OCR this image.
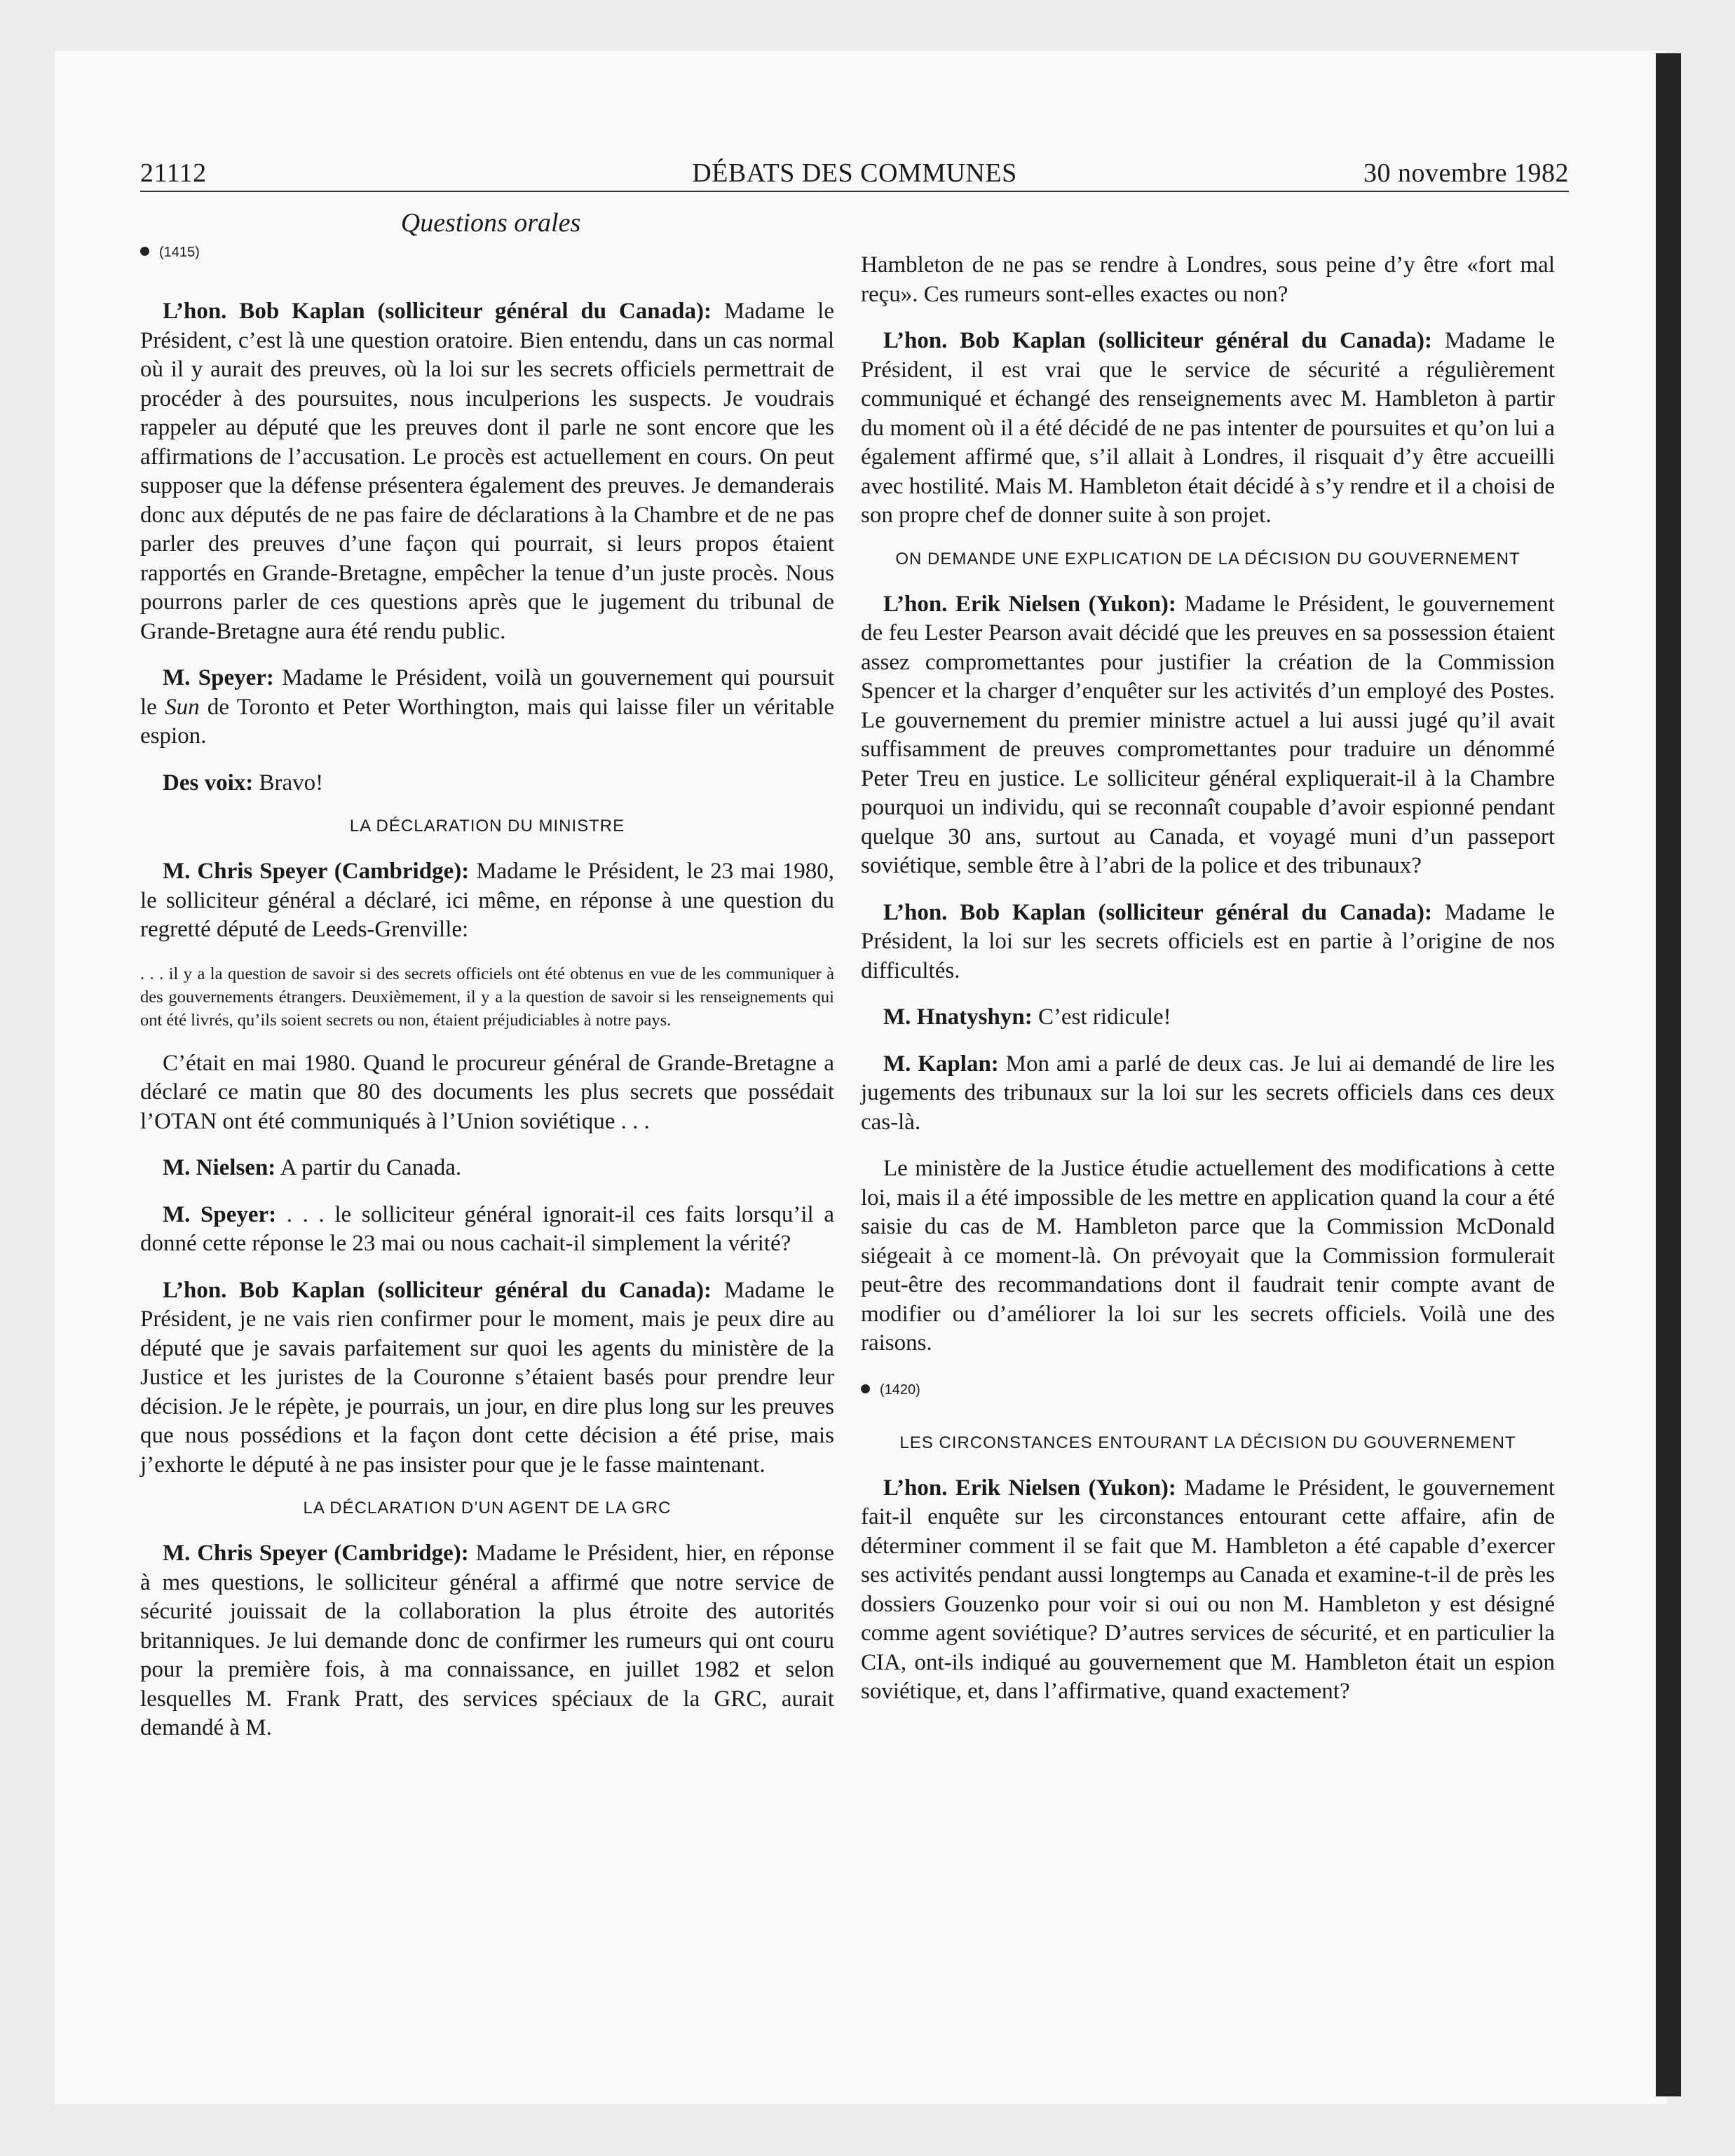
21112	DÉBATS DES COMMUNES	30 novembre 1982
Questions orales
(1415)

L’hon. Bob Kaplan (solliciteur général du Canada): Madame le Président, c’est là une question oratoire. Bien entendu, dans un cas normal où il y aurait des preuves, où la loi sur les secrets officiels permettrait de procéder à des poursuites, nous inculperions les suspects. Je voudrais rappeler au député que les preuves dont il parle ne sont encore que les affirmations de l’accusation. Le procès est actuellement en cours. On peut supposer que la défense présentera également des preuves. Je demanderais donc aux députés de ne pas faire de déclarations à la Chambre et de ne pas parler des preuves d’une façon qui pourrait, si leurs propos étaient rapportés en Grande-Bretagne, empêcher la tenue d’un juste procès. Nous pourrons parler de ces questions après que le jugement du tribunal de Grande-Bretagne aura été rendu public.

M. Speyer: Madame le Président, voilà un gouvernement qui poursuit le Sun de Toronto et Peter Worthington, mais qui laisse filer un véritable espion.

Des voix: Bravo!

LA DÉCLARATION DU MINISTRE

M. Chris Speyer (Cambridge): Madame le Président, le 23 mai 1980, le solliciteur général a déclaré, ici même, en réponse à une question du regretté député de Leeds-Grenville:

. . . il y a la question de savoir si des secrets officiels ont été obtenus en vue de les communiquer à des gouvernements étrangers. Deuxièmement, il y a la question de savoir si les renseignements qui ont été livrés, qu’ils soient secrets ou non, étaient préjudiciables à notre pays.

C’était en mai 1980. Quand le procureur général de Grande-Bretagne a déclaré ce matin que 80 des documents les plus secrets que possédait l’OTAN ont été communiqués à l’Union soviétique . . .

M. Nielsen: A partir du Canada.

M. Speyer: . . . le solliciteur général ignorait-il ces faits lorsqu’il a donné cette réponse le 23 mai ou nous cachait-il simplement la vérité?

L’hon. Bob Kaplan (solliciteur général du Canada): Madame le Président, je ne vais rien confirmer pour le moment, mais je peux dire au député que je savais parfaitement sur quoi les agents du ministère de la Justice et les juristes de la Couronne s’étaient basés pour prendre leur décision. Je le répète, je pourrais, un jour, en dire plus long sur les preuves que nous possédions et la façon dont cette décision a été prise, mais j’exhorte le député à ne pas insister pour que je le fasse maintenant.

LA DÉCLARATION D’UN AGENT DE LA GRC

M. Chris Speyer (Cambridge): Madame le Président, hier, en réponse à mes questions, le solliciteur général a affirmé que notre service de sécurité jouissait de la collaboration la plus étroite des autorités britanniques. Je lui demande donc de confirmer les rumeurs qui ont couru pour la première fois, à ma connaissance, en juillet 1982 et selon lesquelles M. Frank Pratt, des services spéciaux de la GRC, aurait demandé à M.

Hambleton de ne pas se rendre à Londres, sous peine d’y être «fort mal reçu». Ces rumeurs sont-elles exactes ou non?

L’hon. Bob Kaplan (solliciteur général du Canada): Madame le Président, il est vrai que le service de sécurité a régulièrement communiqué et échangé des renseignements avec M. Hambleton à partir du moment où il a été décidé de ne pas intenter de poursuites et qu’on lui a également affirmé que, s’il allait à Londres, il risquait d’y être accueilli avec hostilité. Mais M. Hambleton était décidé à s’y rendre et il a choisi de son propre chef de donner suite à son projet.

ON DEMANDE UNE EXPLICATION DE LA DÉCISION DU GOUVERNEMENT

L’hon. Erik Nielsen (Yukon): Madame le Président, le gouvernement de feu Lester Pearson avait décidé que les preuves en sa possession étaient assez compromettantes pour justifier la création de la Commission Spencer et la charger d’enquêter sur les activités d’un employé des Postes. Le gouvernement du premier ministre actuel a lui aussi jugé qu’il avait suffisamment de preuves compromettantes pour traduire un dénommé Peter Treu en justice. Le solliciteur général expliquerait-il à la Chambre pourquoi un individu, qui se reconnaît coupable d’avoir espionné pendant quelque 30 ans, surtout au Canada, et voyagé muni d’un passeport soviétique, semble être à l’abri de la police et des tribunaux?

L’hon. Bob Kaplan (solliciteur général du Canada): Madame le Président, la loi sur les secrets officiels est en partie à l’origine de nos difficultés.

M. Hnatyshyn: C’est ridicule!

M. Kaplan: Mon ami a parlé de deux cas. Je lui ai demandé de lire les jugements des tribunaux sur la loi sur les secrets officiels dans ces deux cas-là.

Le ministère de la Justice étudie actuellement des modifications à cette loi, mais il a été impossible de les mettre en application quand la cour a été saisie du cas de M. Hambleton parce que la Commission McDonald siégeait à ce moment-là. On prévoyait que la Commission formulerait peut-être des recommandations dont il faudrait tenir compte avant de modifier ou d’améliorer la loi sur les secrets officiels. Voilà une des raisons.

(1420)
LES CIRCONSTANCES ENTOURANT LA DÉCISION DU GOUVERNEMENT

L’hon. Erik Nielsen (Yukon): Madame le Président, le gouvernement fait-il enquête sur les circonstances entourant cette affaire, afin de déterminer comment il se fait que M. Hambleton a été capable d’exercer ses activités pendant aussi longtemps au Canada et examine-t-il de près les dossiers Gouzenko pour voir si oui ou non M. Hambleton y est désigné comme agent soviétique? D’autres services de sécurité, et en particulier la CIA, ont-ils indiqué au gouvernement que M. Hambleton était un espion soviétique, et, dans l’affirmative, quand exactement?
